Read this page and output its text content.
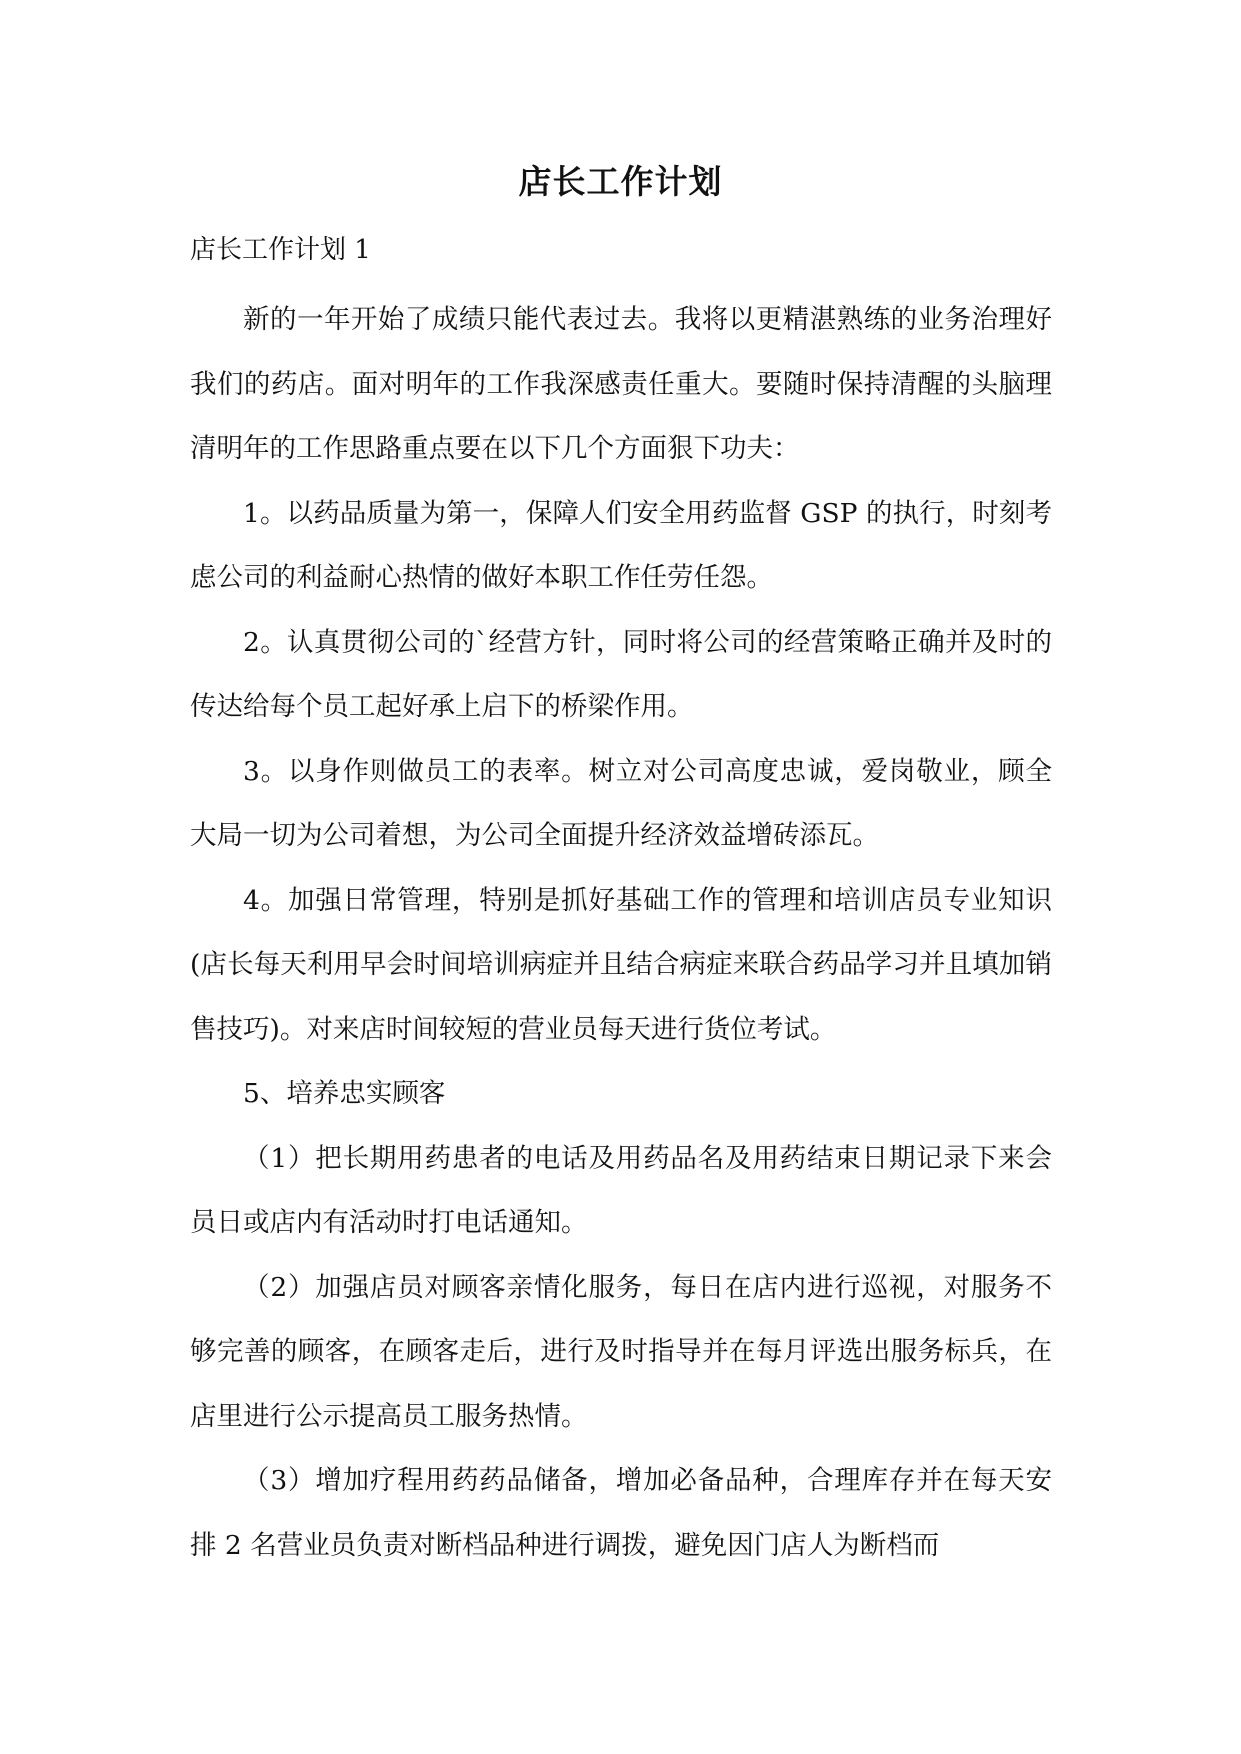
店长工作计划

店长工作计划 1

新的一年开始了成绩只能代表过去。我将以更精湛熟练的业务治理好我们的药店。面对明年的工作我深感责任重大。要随时保持清醒的头脑理清明年的工作思路重点要在以下几个方面狠下功夫：

1。以药品质量为第一，保障人们安全用药监督 GSP 的执行，时刻考虑公司的利益耐心热情的做好本职工作任劳任怨。

2。认真贯彻公司的`经营方针，同时将公司的经营策略正确并及时的传达给每个员工起好承上启下的桥梁作用。

3。以身作则做员工的表率。树立对公司高度忠诚，爱岗敬业，顾全大局一切为公司着想，为公司全面提升经济效益增砖添瓦。

4。加强日常管理，特别是抓好基础工作的管理和培训店员专业知识(店长每天利用早会时间培训病症并且结合病症来联合药品学习并且填加销售技巧)。对来店时间较短的营业员每天进行货位考试。

5、培养忠实顾客

（1）把长期用药患者的电话及用药品名及用药结束日期记录下来会员日或店内有活动时打电话通知。

（2）加强店员对顾客亲情化服务，每日在店内进行巡视，对服务不够完善的顾客，在顾客走后，进行及时指导并在每月评选出服务标兵，在店里进行公示提高员工服务热情。

（3）增加疗程用药药品储备，增加必备品种，合理库存并在每天安排 2 名营业员负责对断档品种进行调拨，避免因门店人为断档而
